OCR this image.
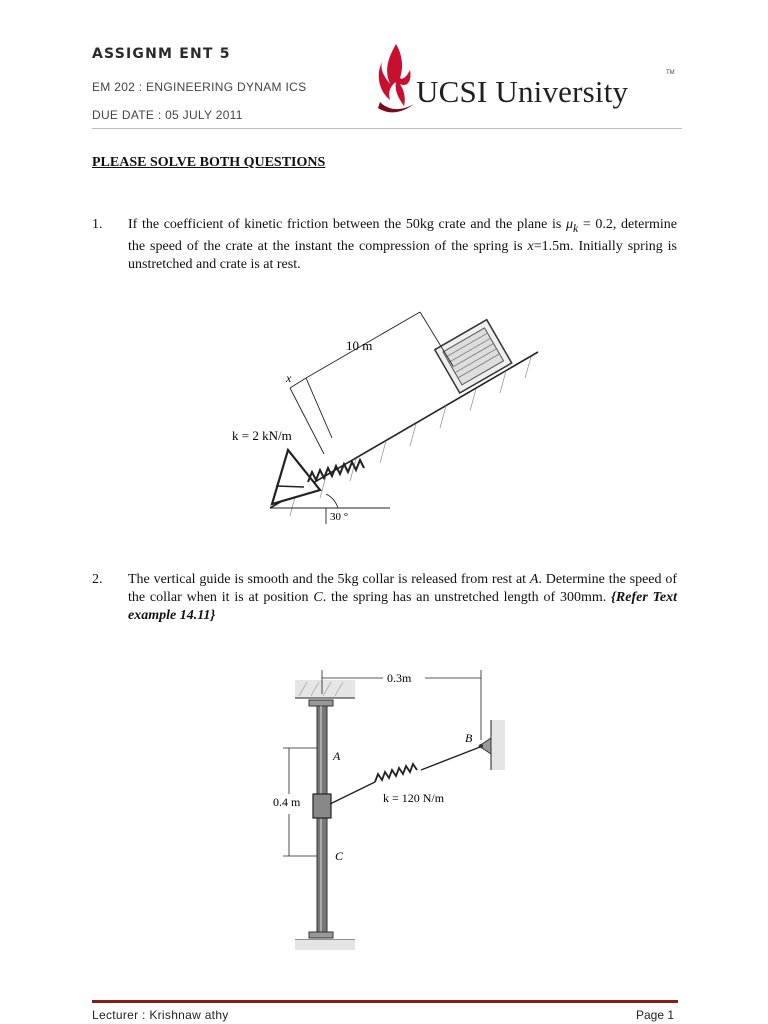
ASSIGNM ENT 5
EM 202 : ENGINEERING DYNAM ICS
DUE DATE : 05 JULY 2011
UCSI University
TM
PLEASE SOLVE BOTH QUESTIONS
1. If the coefficient of kinetic friction between the 50kg crate and the plane is $\mu_k = 0.2$, determine the speed of the crate at the instant the compression of the spring is x=1.5m. Initially spring is unstretched and crate is at rest.
10 m
x
k = 2 kN/m
30 °
2. The vertical guide is smooth and the 5kg collar is released from rest at A. Determine the speed of the collar when it is at position C. the spring has an unstretched length of 300mm. {Refer Text example 14.11}
0.3m
0.4 m
A
B
C
k = 120 N/m
Lecturer : Krishnaw athy	Page 1
